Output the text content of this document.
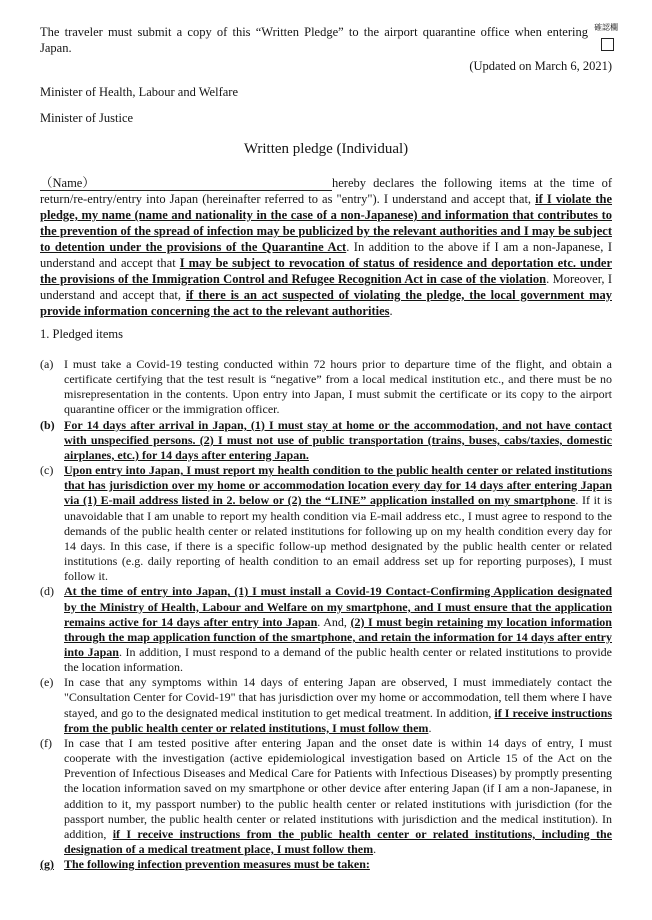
The traveler must submit a copy of this “Written Pledge” to the airport quarantine office when entering Japan.
確認欄
(Updated on March 6, 2021)
Minister of Health, Labour and Welfare
Minister of Justice
Written pledge (Individual)
（Name）	hereby declares the following items at the time of return/re-entry/entry into Japan (hereinafter referred to as "entry"). I understand and accept that, if I violate the pledge, my name (name and nationality in the case of a non-Japanese) and information that contributes to the prevention of the spread of infection may be publicized by the relevant authorities and I may be subject to detention under the provisions of the Quarantine Act. In addition to the above if I am a non-Japanese, I understand and accept that I may be subject to revocation of status of residence and deportation etc. under the provisions of the Immigration Control and Refugee Recognition Act in case of the violation. Moreover, I understand and accept that, if there is an act suspected of violating the pledge, the local government may provide information concerning the act to the relevant authorities.
1. Pledged items
(a) I must take a Covid-19 testing conducted within 72 hours prior to departure time of the flight, and obtain a certificate certifying that the test result is “negative” from a local medical institution etc., and there must be no misrepresentation in the contents. Upon entry into Japan, I must submit the certificate or its copy to the airport quarantine officer or the immigration officer.
(b) For 14 days after arrival in Japan, (1) I must stay at home or the accommodation, and not have contact with unspecified persons. (2) I must not use of public transportation (trains, buses, cabs/taxies, domestic airplanes, etc.) for 14 days after entering Japan.
(c) Upon entry into Japan, I must report my health condition to the public health center or related institutions that has jurisdiction over my home or accommodation location every day for 14 days after entering Japan via (1) E-mail address listed in 2. below or (2) the “LINE” application installed on my smartphone. If it is unavoidable that I am unable to report my health condition via E-mail address etc., I must agree to respond to the demands of the public health center or related institutions for following up on my health condition every day for 14 days. In this case, if there is a specific follow-up method designated by the public health center or related institutions (e.g. daily reporting of health condition to an email address set up for reporting purposes), I must follow it.
(d) At the time of entry into Japan, (1) I must install a Covid-19 Contact-Confirming Application designated by the Ministry of Health, Labour and Welfare on my smartphone, and I must ensure that the application remains active for 14 days after entry into Japan. And, (2) I must begin retaining my location information through the map application function of the smartphone, and retain the information for 14 days after entry into Japan. In addition, I must respond to a demand of the public health center or related institutions to provide the location information.
(e) In case that any symptoms within 14 days of entering Japan are observed, I must immediately contact the "Consultation Center for Covid-19" that has jurisdiction over my home or accommodation, tell them where I have stayed, and go to the designated medical institution to get medical treatment. In addition, if I receive instructions from the public health center or related institutions, I must follow them.
(f) In case that I am tested positive after entering Japan and the onset date is within 14 days of entry, I must cooperate with the investigation (active epidemiological investigation based on Article 15 of the Act on the Prevention of Infectious Diseases and Medical Care for Patients with Infectious Diseases) by promptly presenting the location information saved on my smartphone or other device after entering Japan (if I am a non-Japanese, in addition to it, my passport number) to the public health center or related institutions with jurisdiction (for the passport number, the public health center or related institutions with jurisdiction and the medical institution). In addition, if I receive instructions from the public health center or related institutions, including the designation of a medical treatment place, I must follow them.
(g) The following infection prevention measures must be taken:
